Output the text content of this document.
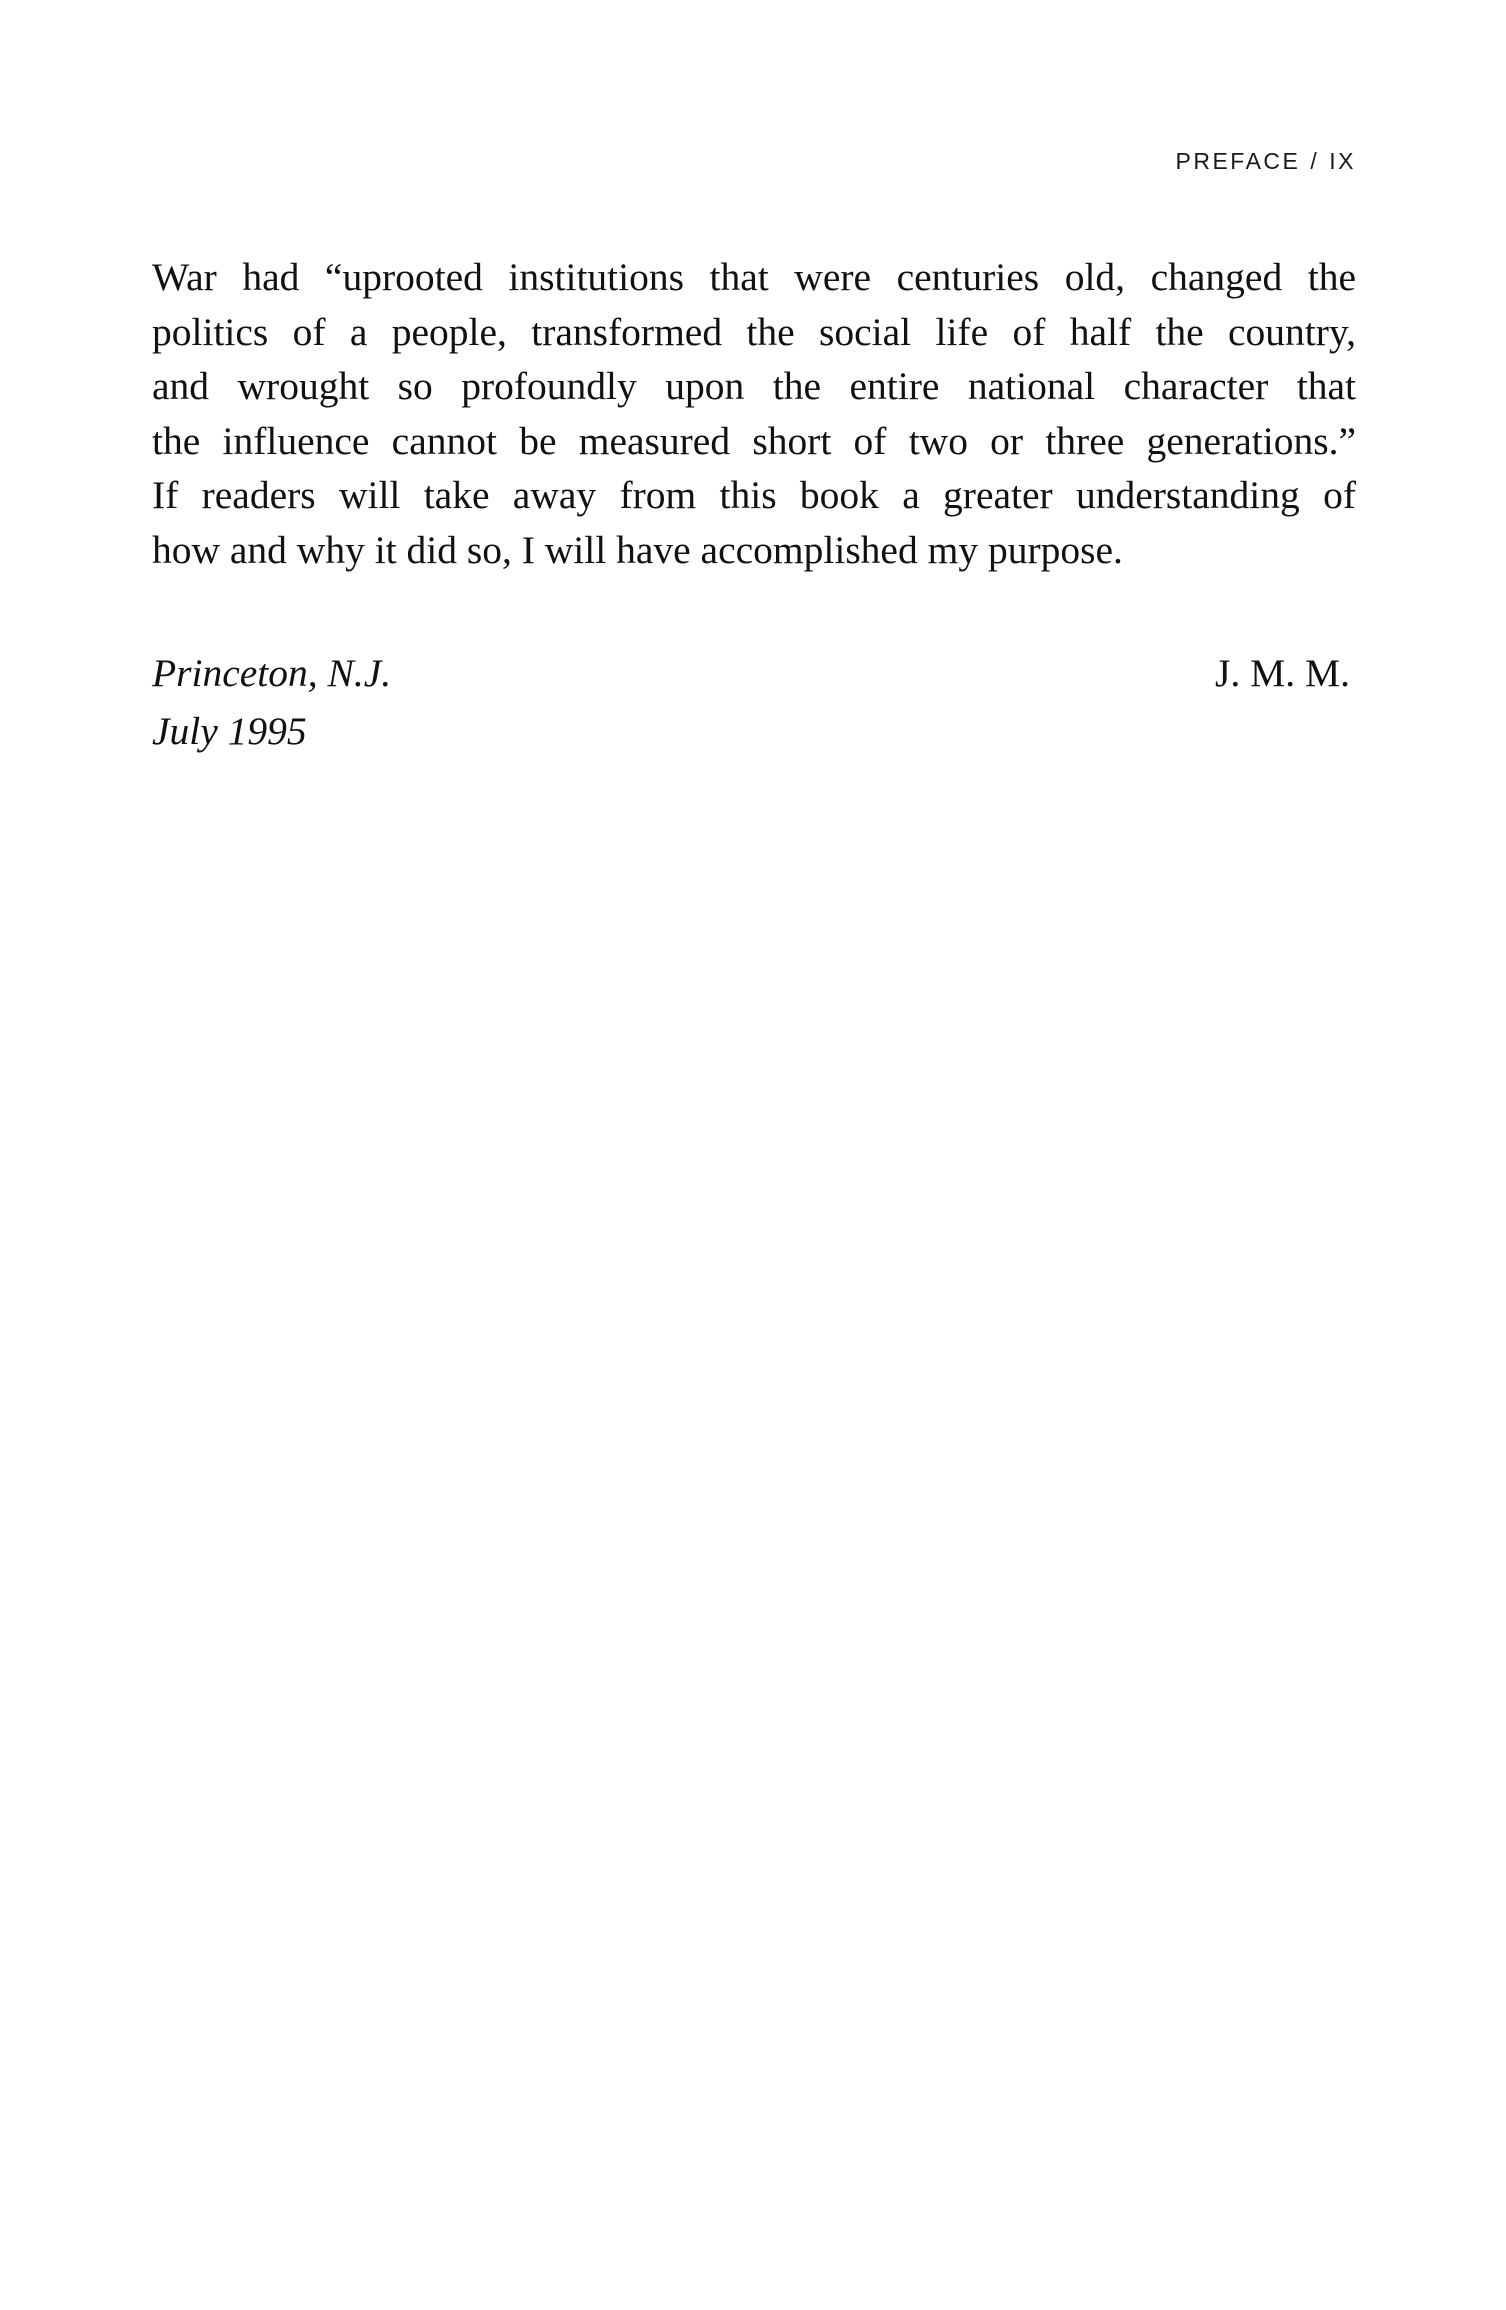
PREFACE / IX
War had “uprooted institutions that were centuries old, changed the
politics of a people, transformed the social life of half the country,
and wrought so profoundly upon the entire national character that
the influence cannot be measured short of two or three generations.”
If readers will take away from this book a greater understanding of
how and why it did so, I will have accomplished my purpose.
Princeton, N.J.
July 1995
J. M. M.
